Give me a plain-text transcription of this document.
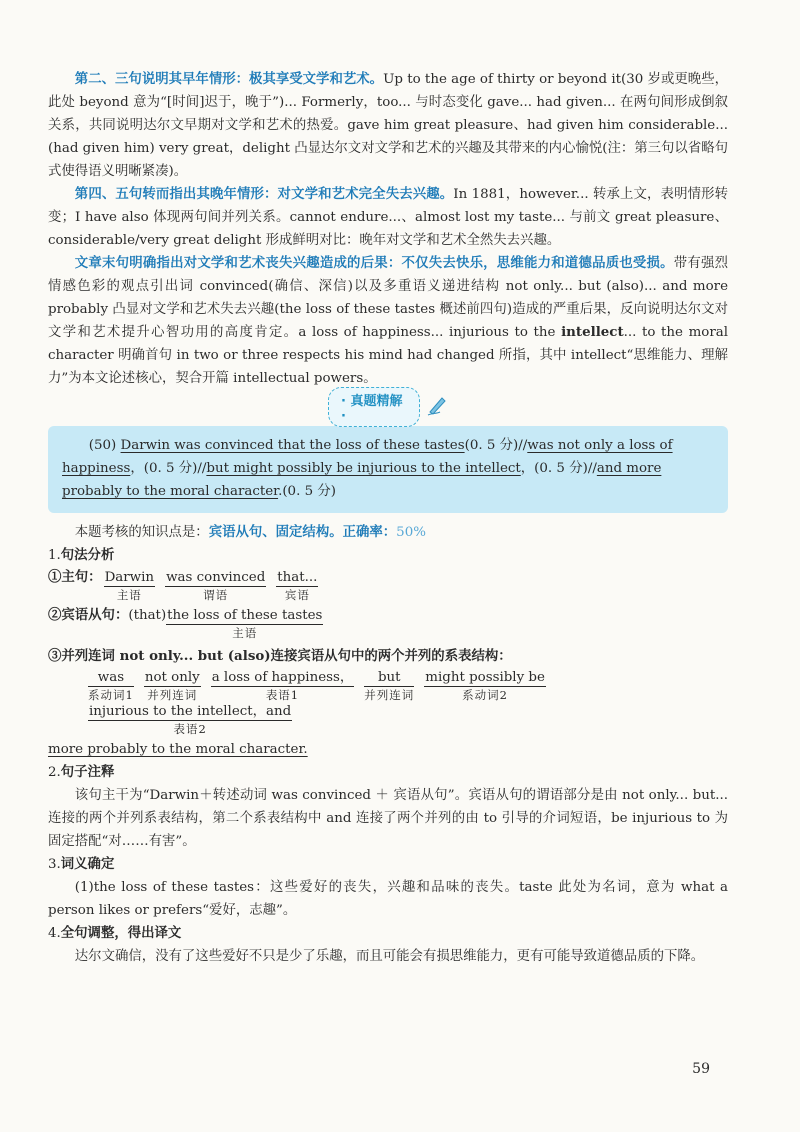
第二、三句说明其早年情形：极其享受文学和艺术。Up to the age of thirty or beyond it(30 岁或更晚些，此处 beyond 意为“[时间]迟于，晚于”)... Formerly，too... 与时态变化 gave... had given... 在两句间形成倒叙关系，共同说明达尔文早期对文学和艺术的热爱。gave him great pleasure、had given him considerable...(had given him) very great，delight 凸显达尔文对文学和艺术的兴趣及其带来的内心愉悦(注：第三句以省略句式使得语义明晰紧凑)。

第四、五句转而指出其晚年情形：对文学和艺术完全失去兴趣。In 1881，however... 转承上文，表明情形转变；I have also 体现两句间并列关系。cannot endure...、almost lost my taste... 与前文 great pleasure、considerable/very great delight 形成鲜明对比：晚年对文学和艺术全然失去兴趣。

文章末句明确指出对文学和艺术丧失兴趣造成的后果：不仅失去快乐，思维能力和道德品质也受损。带有强烈情感色彩的观点引出词 convinced(确信、深信)以及多重语义递进结构 not only... but (also)... and more probably 凸显对文学和艺术失去兴趣(the loss of these tastes 概述前四句)造成的严重后果，反向说明达尔文对文学和艺术提升心智功用的高度肯定。a loss of happiness... injurious to the intellect... to the moral character 明确首句 in two or three respects his mind had changed 所指，其中 intellect“思维能力、理解力”为本文论述核心，契合开篇 intellectual powers。

· 真题精解 ·

(50) Darwin was convinced that the loss of these tastes(0. 5 分)//was not only a loss of happiness，(0. 5 分)//but might possibly be injurious to the intellect，(0. 5 分)//and more probably to the moral character.(0. 5 分)

本题考核的知识点是：宾语从句、固定结构。正确率：50%

1.句法分析

①主句： Darwin
主语
was convinced
谓语
that...
宾语
②宾语从句： (that) the loss of these tastes
主语

③并列连词 not only... but (also)连接宾语从句中的两个并列的系表结构：

was
系动词1
not only
并列连词
a loss of happiness，
表语1
but
并列连词
might possibly be
系动词2
injurious to the intellect，and
表语2

more probably to the moral character.

2.句子注释

该句主干为“Darwin＋转述动词 was convinced ＋ 宾语从句”。宾语从句的谓语部分是由 not only... but... 连接的两个并列系表结构，第二个系表结构中 and 连接了两个并列的由 to 引导的介词短语，be injurious to 为固定搭配“对……有害”。

3.词义确定

(1)the loss of these tastes：这些爱好的丧失，兴趣和品味的丧失。taste 此处为名词，意为 what a person likes or prefers“爱好，志趣”。

4.全句调整，得出译文

达尔文确信，没有了这些爱好不只是少了乐趣，而且可能会有损思维能力，更有可能导致道德品质的下降。

59
